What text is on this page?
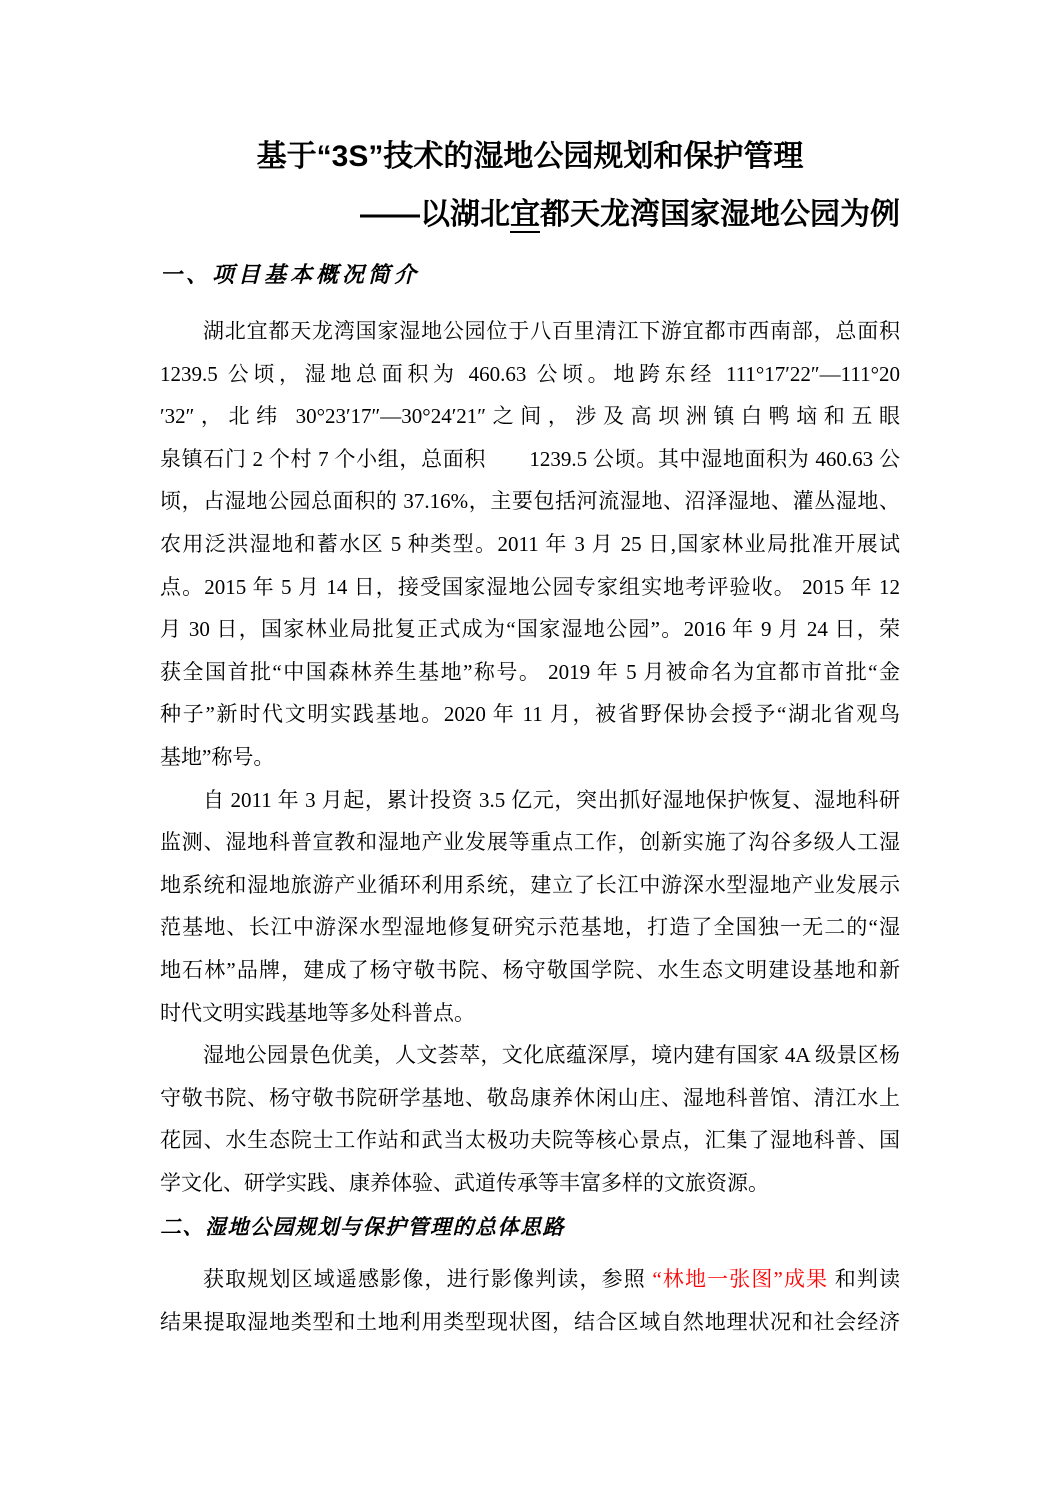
基于“3S”技术的湿地公园规划和保护管理
——以湖北宜都天龙湾国家湿地公园为例
一、项目基本概况简介
湖北宜都天龙湾国家湿地公园位于八百里清江下游宜都市西南部，总面积
1239.5 公顷，湿地总面积为 460.63 公顷。地跨东经 111°17′22″—111°20
′32″，北纬 30°23′17″—30°24′21″之间，涉及高坝洲镇白鸭垴和五眼
泉镇石门 2 个村 7 个小组，总面积　　1239.5 公顷。其中湿地面积为 460.63 公
顷，占湿地公园总面积的 37.16%，主要包括河流湿地、沼泽湿地、灌丛湿地、
农用泛洪湿地和蓄水区 5 种类型。2011 年 3 月 25 日,国家林业局批准开展试
点。2015 年 5 月 14 日，接受国家湿地公园专家组实地考评验收。 2015 年 12
月 30 日，国家林业局批复正式成为“国家湿地公园”。2016 年 9 月 24 日，荣
获全国首批“中国森林养生基地”称号。 2019 年 5 月被命名为宜都市首批“金
种子”新时代文明实践基地。2020 年 11 月，被省野保协会授予“湖北省观鸟
基地”称号。
自 2011 年 3 月起，累计投资 3.5 亿元，突出抓好湿地保护恢复、湿地科研
监测、湿地科普宣教和湿地产业发展等重点工作，创新实施了沟谷多级人工湿
地系统和湿地旅游产业循环利用系统，建立了长江中游深水型湿地产业发展示
范基地、长江中游深水型湿地修复研究示范基地，打造了全国独一无二的“湿
地石林”品牌，建成了杨守敬书院、杨守敬国学院、水生态文明建设基地和新
时代文明实践基地等多处科普点。
湿地公园景色优美，人文荟萃，文化底蕴深厚，境内建有国家 4A 级景区杨
守敬书院、杨守敬书院研学基地、敬岛康养休闲山庄、湿地科普馆、清江水上
花园、水生态院士工作站和武当太极功夫院等核心景点，汇集了湿地科普、国
学文化、研学实践、康养体验、武道传承等丰富多样的文旅资源。
二、湿地公园规划与保护管理的总体思路
获取规划区域遥感影像，进行影像判读，参照 “林地一张图”成果 和判读
结果提取湿地类型和土地利用类型现状图，结合区域自然地理状况和社会经济
